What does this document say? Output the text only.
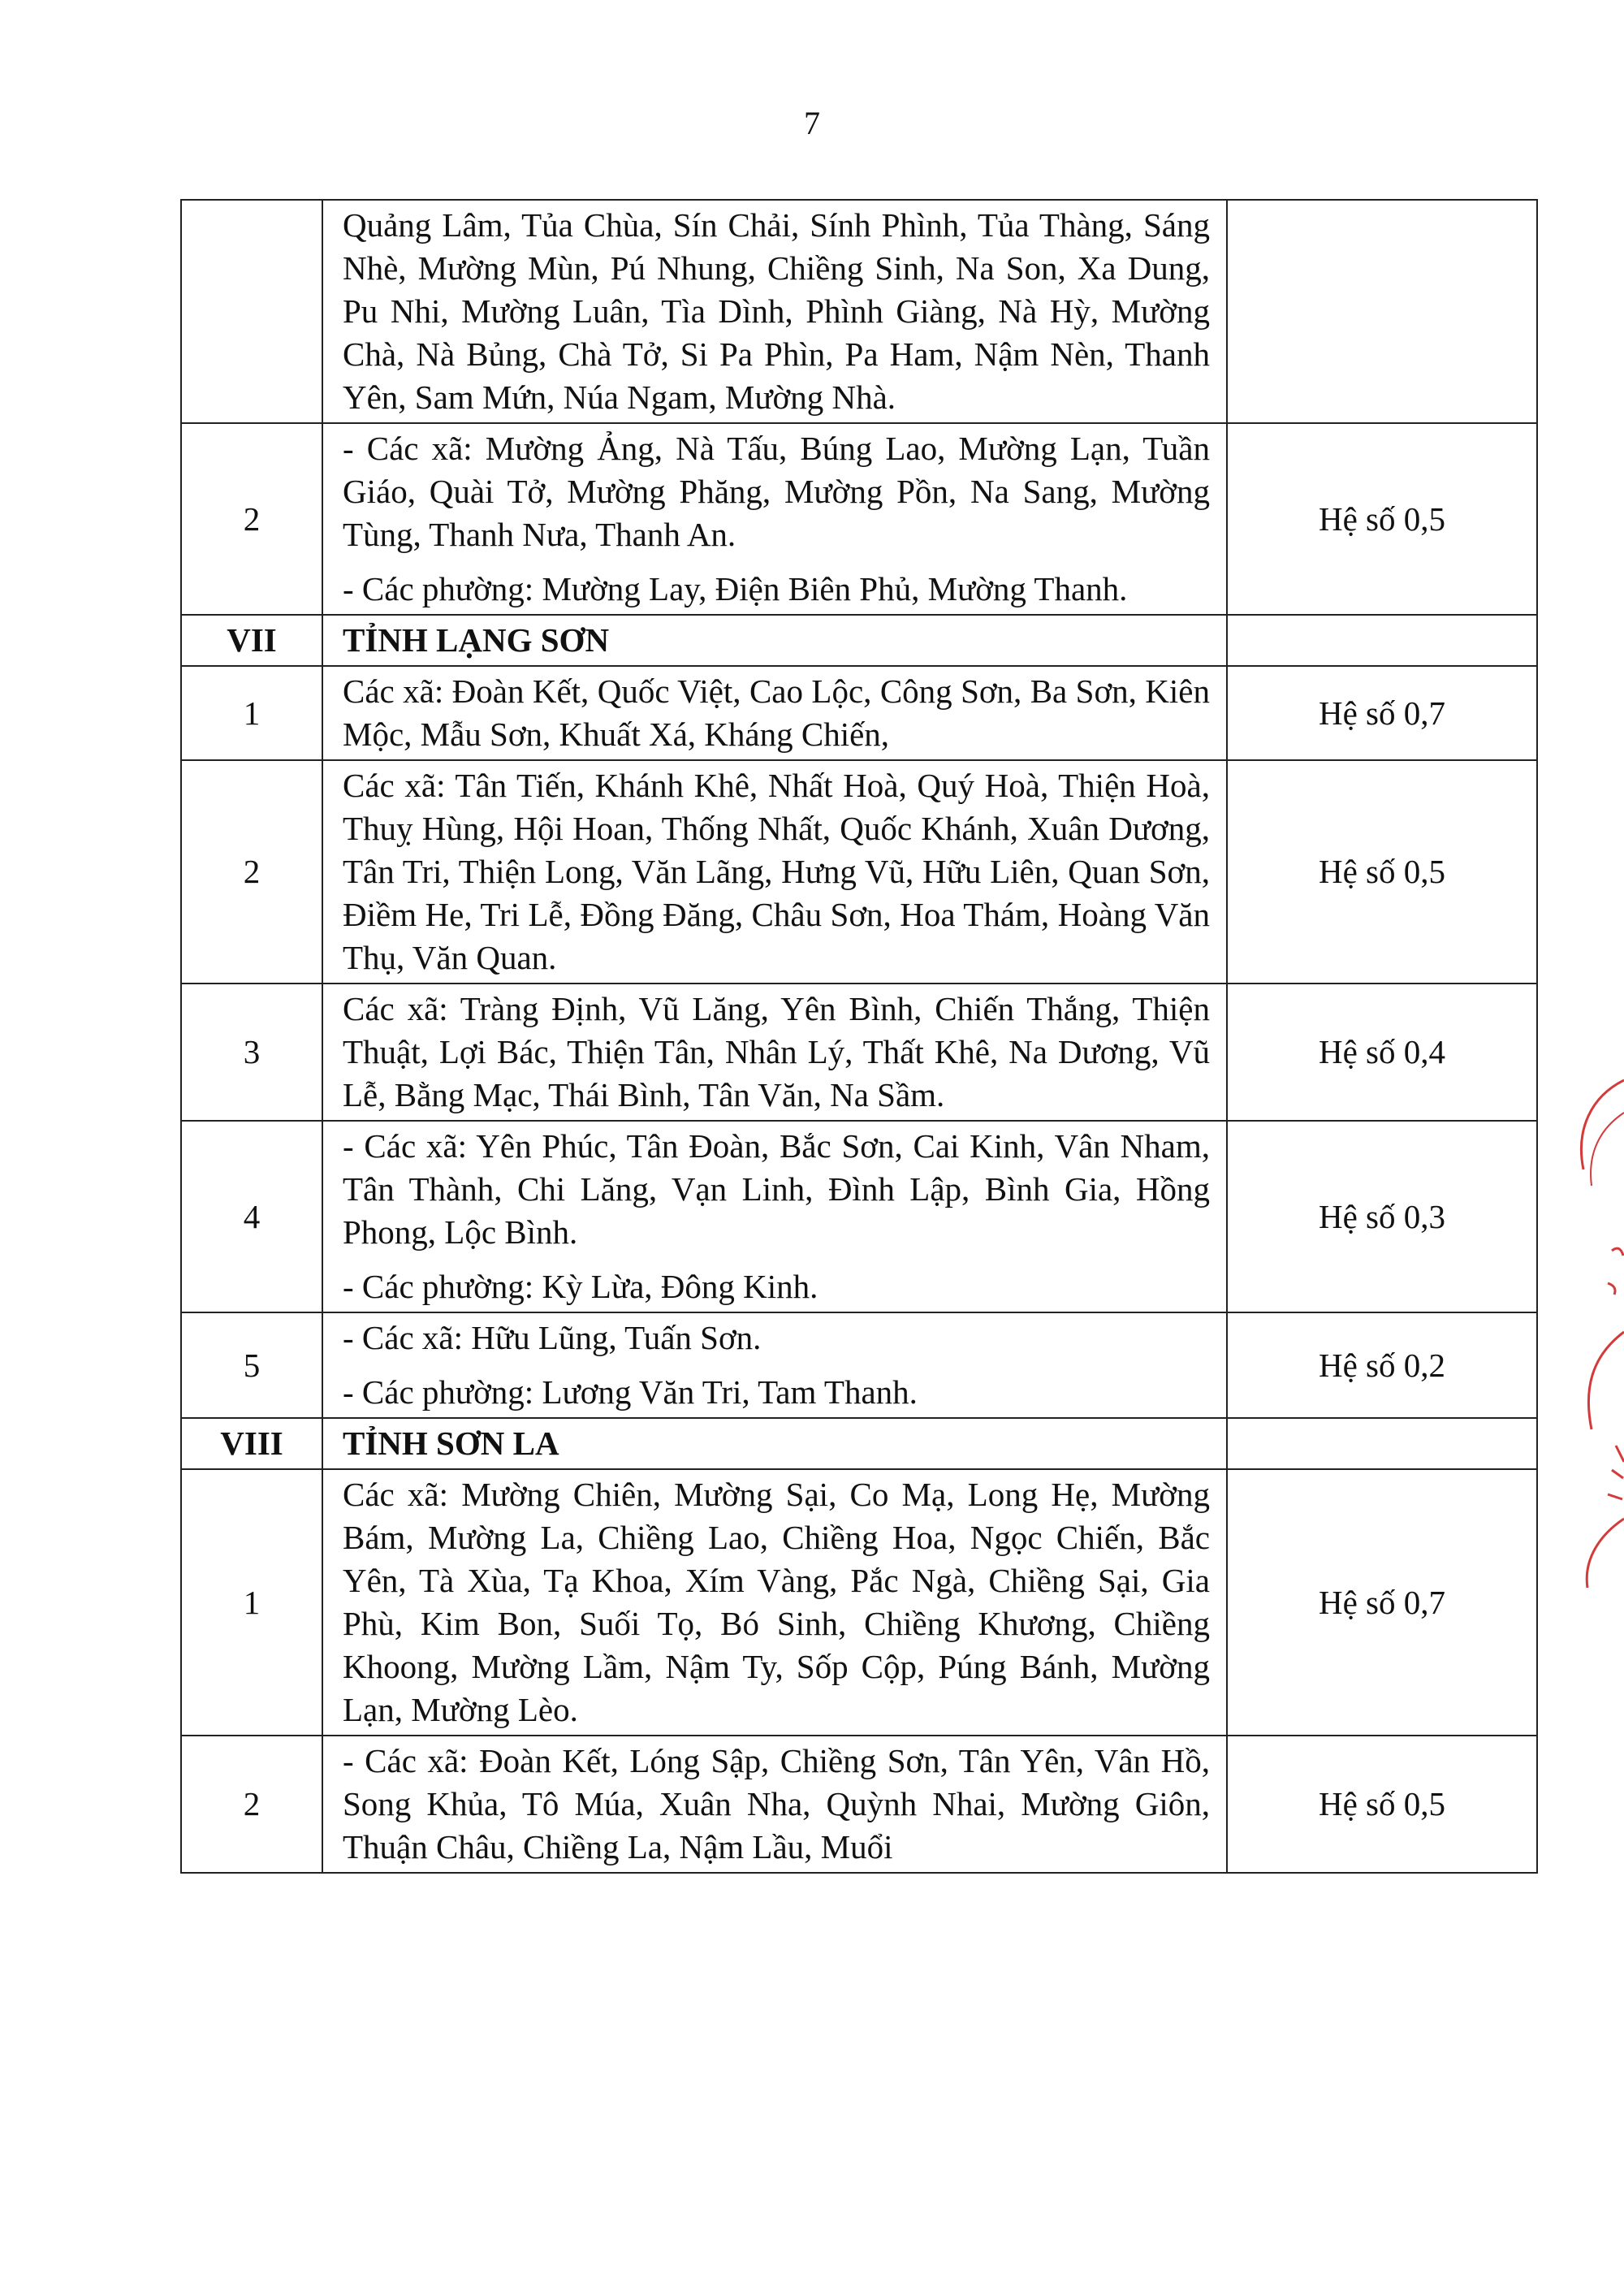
7

	Quảng Lâm, Tủa Chùa, Sín Chải, Sính Phình, Tủa Thàng, Sáng Nhè, Mường Mùn, Pú Nhung, Chiềng Sinh, Na Son, Xa Dung, Pu Nhi, Mường Luân, Tìa Dình, Phình Giàng, Nà Hỳ, Mường Chà, Nà Bủng, Chà Tở, Si Pa Phìn, Pa Ham, Nậm Nèn, Thanh Yên, Sam Mứn, Núa Ngam, Mường Nhà.	

2	- Các xã: Mường Ảng, Nà Tấu, Búng Lao, Mường Lạn, Tuần Giáo, Quài Tở, Mường Phăng, Mường Pồn, Na Sang, Mường Tùng, Thanh Nưa, Thanh An.
- Các phường: Mường Lay, Điện Biên Phủ, Mường Thanh.	Hệ số 0,5
VII	TỈNH LẠNG SƠN	

1	Các xã: Đoàn Kết, Quốc Việt, Cao Lộc, Công Sơn, Ba Sơn, Kiên Mộc, Mẫu Sơn, Khuất Xá, Kháng Chiến,	Hệ số 0,7
2	Các xã: Tân Tiến, Khánh Khê, Nhất Hoà, Quý Hoà, Thiện Hoà, Thuỵ Hùng, Hội Hoan, Thống Nhất, Quốc Khánh, Xuân Dương, Tân Tri, Thiện Long, Văn Lãng, Hưng Vũ, Hữu Liên, Quan Sơn, Điềm He, Tri Lễ, Đồng Đăng, Châu Sơn, Hoa Thám, Hoàng Văn Thụ, Văn Quan.	Hệ số 0,5
3	Các xã: Tràng Định, Vũ Lăng, Yên Bình, Chiến Thắng, Thiện Thuật, Lợi Bác, Thiện Tân, Nhân Lý, Thất Khê, Na Dương, Vũ Lễ, Bằng Mạc, Thái Bình, Tân Văn, Na Sầm.	Hệ số 0,4
4	- Các xã: Yên Phúc, Tân Đoàn, Bắc Sơn, Cai Kinh, Vân Nham, Tân Thành, Chi Lăng, Vạn Linh, Đình Lập, Bình Gia, Hồng Phong, Lộc Bình.
- Các phường: Kỳ Lừa, Đông Kinh.	Hệ số 0,3
5	- Các xã: Hữu Lũng, Tuấn Sơn.
- Các phường: Lương Văn Tri, Tam Thanh.	Hệ số 0,2
VIII	TỈNH SƠN LA	

1	Các xã: Mường Chiên, Mường Sại, Co Mạ, Long Hẹ, Mường Bám, Mường La, Chiềng Lao, Chiềng Hoa, Ngọc Chiến, Bắc Yên, Tà Xùa, Tạ Khoa, Xím Vàng, Pắc Ngà, Chiềng Sại, Gia Phù, Kim Bon, Suối Tọ, Bó Sinh, Chiềng Khương, Chiềng Khoong, Mường Lầm, Nậm Ty, Sốp Cộp, Púng Bánh, Mường Lạn, Mường Lèo.	Hệ số 0,7
2	- Các xã: Đoàn Kết, Lóng Sập, Chiềng Sơn, Tân Yên, Vân Hồ, Song Khủa, Tô Múa, Xuân Nha, Quỳnh Nhai, Mường Giôn, Thuận Châu, Chiềng La, Nậm Lầu, Muổi	Hệ số 0,5
